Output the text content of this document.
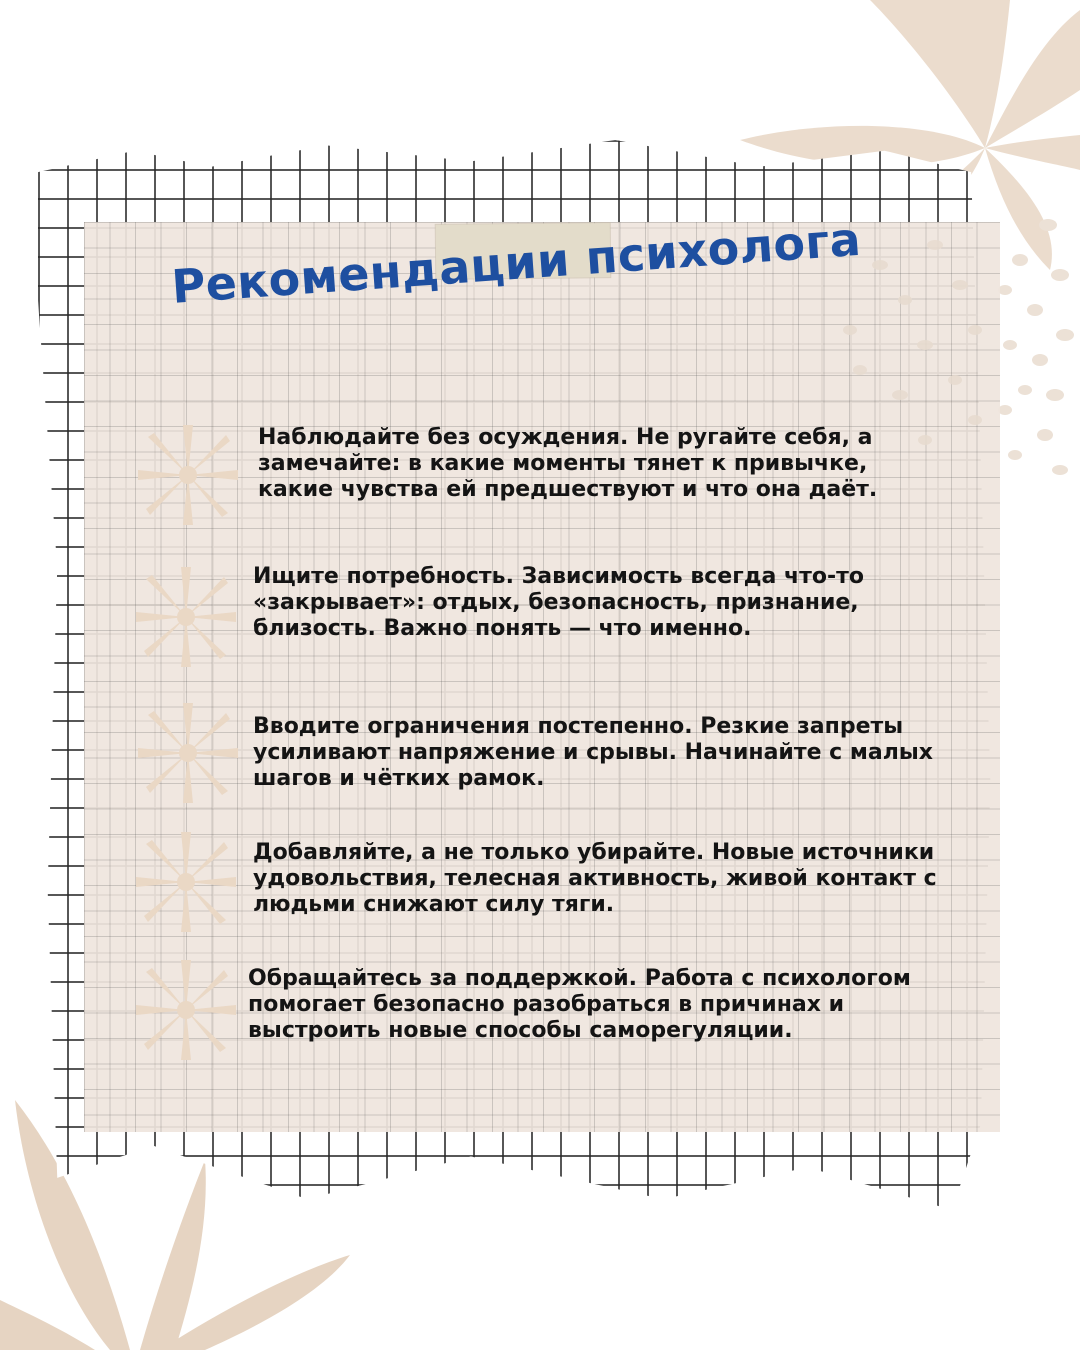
Рекомендации психолога

Наблюдайте без осуждения. Не ругайте себя, а замечайте: в какие моменты тянет к привычке, какие чувства ей предшествуют и что она даёт.

Ищите потребность. Зависимость всегда что-то «закрывает»: отдых, безопасность, признание, близость. Важно понять — что именно.

Вводите ограничения постепенно. Резкие запреты усиливают напряжение и срывы. Начинайте с малых шагов и чётких рамок.

Добавляйте, а не только убирайте. Новые источники удовольствия, телесная активность, живой контакт с людьми снижают силу тяги.

Обращайтесь за поддержкой. Работа с психологом помогает безопасно разобраться в причинах и выстроить новые способы саморегуляции.
